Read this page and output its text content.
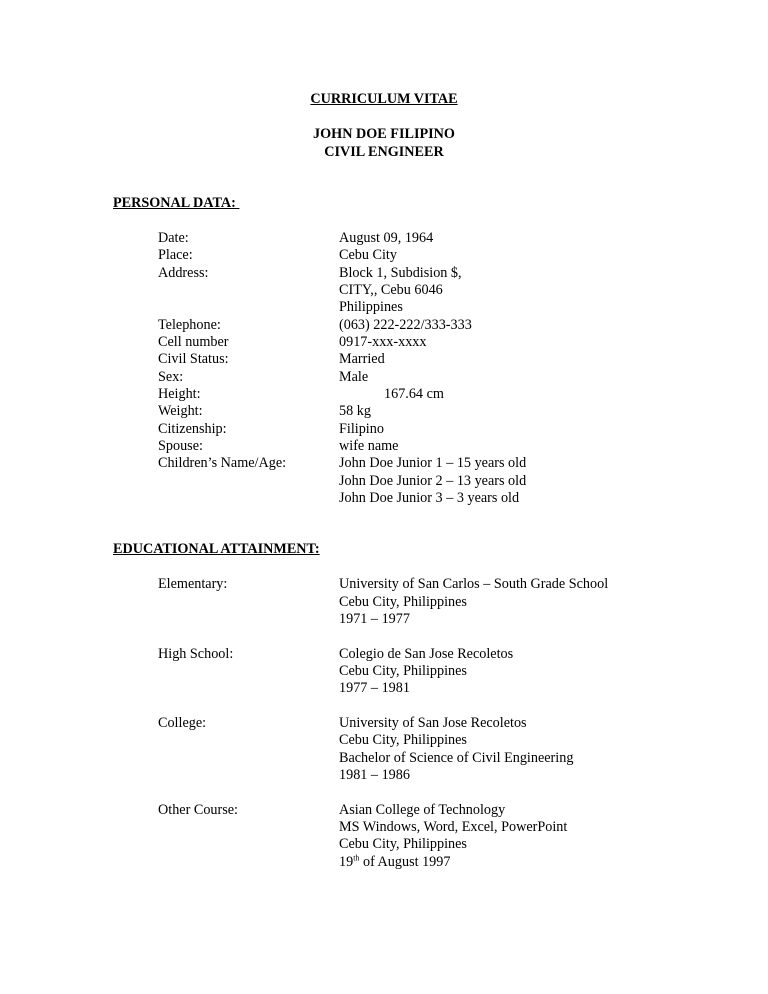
CURRICULUM VITAE
JOHN DOE FILIPINO
CIVIL ENGINEER
PERSONAL DATA:
Date:	August 09, 1964
Place:	Cebu City
Address:	Block 1, Subdision $,
CITY,, Cebu 6046
Philippines
Telephone:	(063) 222-222/333-333
Cell number	0917-xxx-xxxx
Civil Status:	Married
Sex:	Male
Height:	167.64 cm
Weight:	58 kg
Citizenship:	Filipino
Spouse:	wife name
Children’s Name/Age:	John Doe Junior 1 – 15 years old
John Doe Junior 2 – 13 years old
John Doe Junior 3 – 3 years old
EDUCATIONAL ATTAINMENT:
Elementary:	University of San Carlos – South Grade School
Cebu City, Philippines
1971 – 1977
High School:	Colegio de San Jose Recoletos
Cebu City, Philippines
1977 – 1981
College:	University of San Jose Recoletos
Cebu City, Philippines
Bachelor of Science of Civil Engineering
1981 – 1986
Other Course:	Asian College of Technology
MS Windows, Word, Excel, PowerPoint
Cebu City, Philippines
19th of August 1997
